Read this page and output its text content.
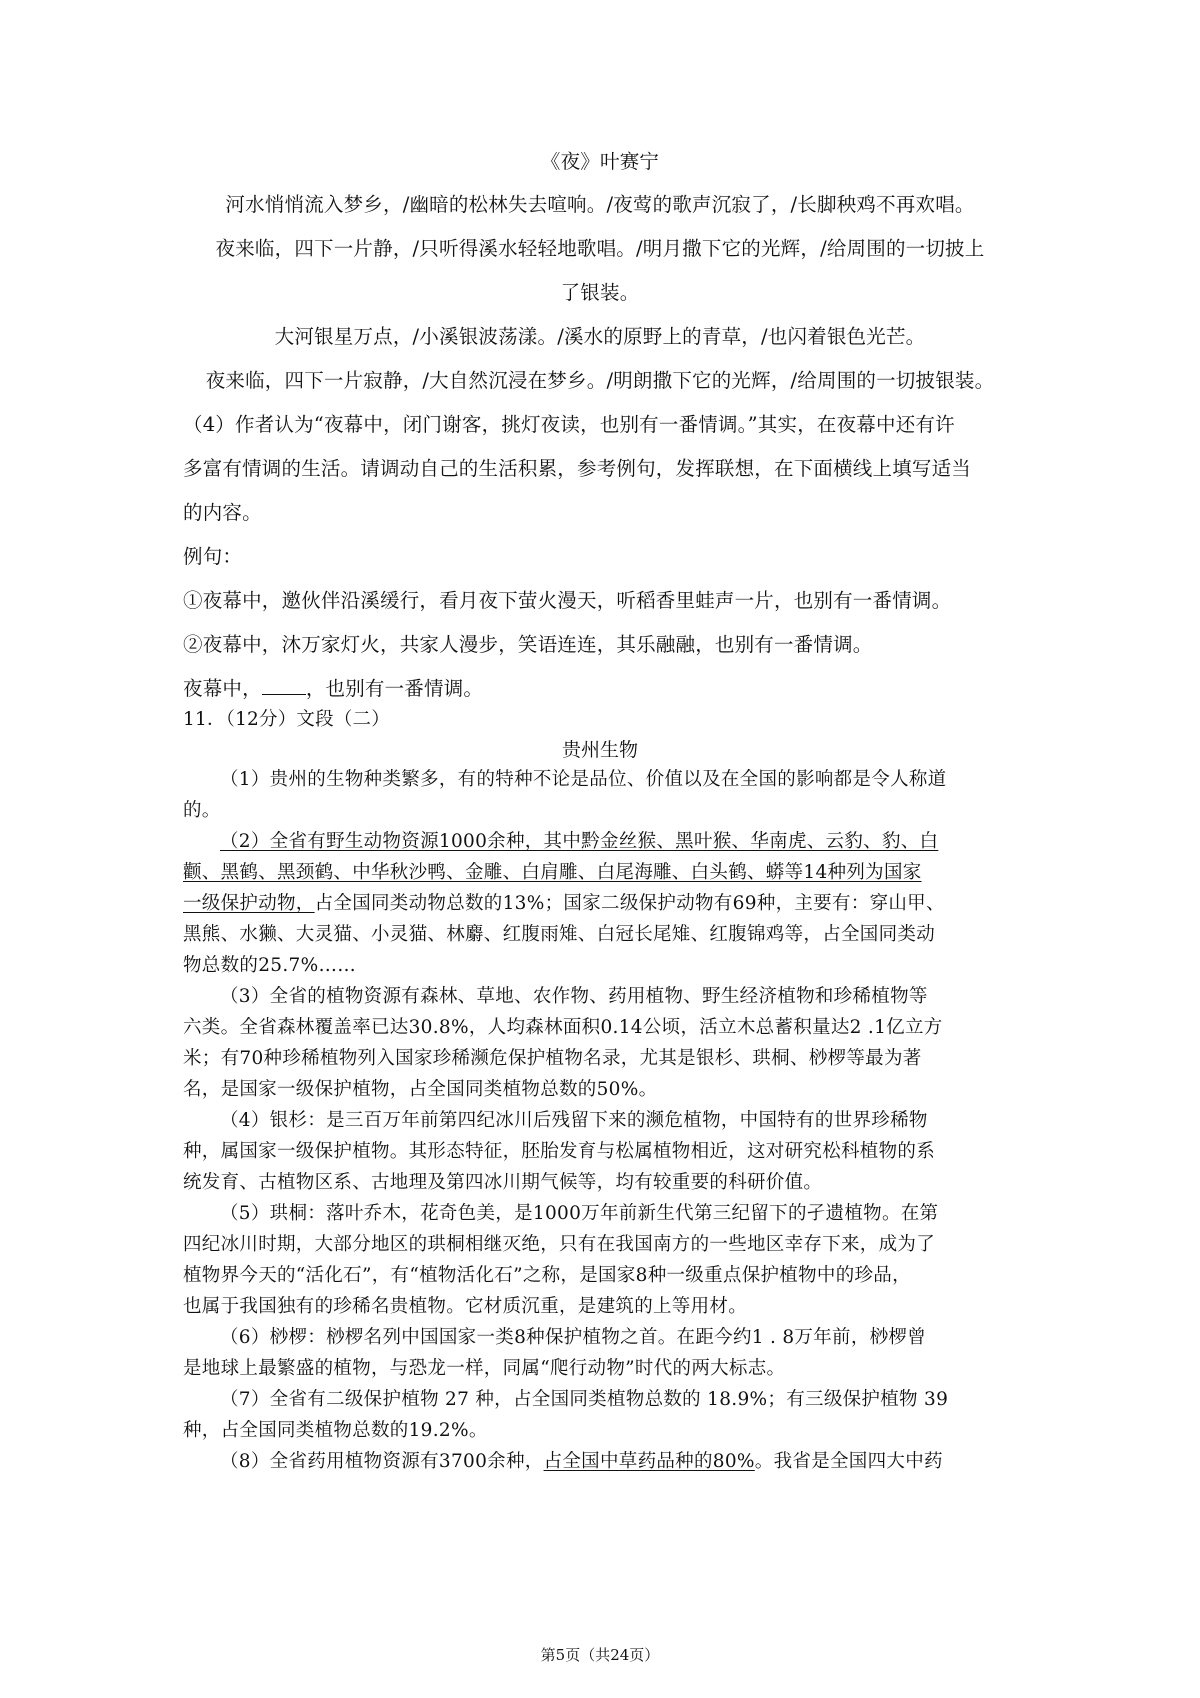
《夜》叶赛宁
河水悄悄流入梦乡，/幽暗的松林失去喧响。/夜莺的歌声沉寂了，/长脚秧鸡不再欢唱。
夜来临，四下一片静，/只听得溪水轻轻地歌唱。/明月撒下它的光辉，/给周围的一切披上
了银装。
大河银星万点，/小溪银波荡漾。/溪水的原野上的青草，/也闪着银色光芒。
夜来临，四下一片寂静，/大自然沉浸在梦乡。/明朗撒下它的光辉，/给周围的一切披银装。
（4）作者认为“夜幕中，闭门谢客，挑灯夜读，也别有一番情调。”其实，在夜幕中还有许
多富有情调的生活。请调动自己的生活积累，参考例句，发挥联想，在下面横线上填写适当
的内容。
例句：
①夜幕中，邀伙伴沿溪缓行，看月夜下萤火漫天，听稻香里蛙声一片，也别有一番情调。
②夜幕中，沐万家灯火，共家人漫步，笑语连连，其乐融融，也别有一番情调。
夜幕中， ，也别有一番情调。
11．（12分）文段（二）
贵州生物
（1）贵州的生物种类繁多，有的特种不论是品位、价值以及在全国的影响都是令人称道
的。
（2）全省有野生动物资源1000余种，其中黔金丝猴、黑叶猴、华南虎、云豹、豹、白
颧、黑鹤、黑颈鹤、中华秋沙鸭、金雕、白肩雕、白尾海雕、白头鹤、蟒等14种列为国家
一级保护动物，占全国同类动物总数的13%；国家二级保护动物有69种，主要有：穿山甲、
黑熊、水獭、大灵猫、小灵猫、林麝、红腹雨雉、白冠长尾雉、红腹锦鸡等，占全国同类动
物总数的25.7%……
（3）全省的植物资源有森林、草地、农作物、药用植物、野生经济植物和珍稀植物等
六类。全省森林覆盖率已达30.8%，人均森林面积0.14公顷，活立木总蓄积量达2 .1亿立方
米；有70种珍稀植物列入国家珍稀濒危保护植物名录，尤其是银杉、珙桐、桫椤等最为著
名，是国家一级保护植物，占全国同类植物总数的50%。
（4）银杉：是三百万年前第四纪冰川后残留下来的濒危植物，中国特有的世界珍稀物
种，属国家一级保护植物。其形态特征，胚胎发育与松属植物相近，这对研究松科植物的系
统发育、古植物区系、古地理及第四冰川期气候等，均有较重要的科研价值。
（5）珙桐：落叶乔木，花奇色美，是1000万年前新生代第三纪留下的孑遗植物。在第
四纪冰川时期，大部分地区的珙桐相继灭绝，只有在我国南方的一些地区幸存下来，成为了
植物界今天的“活化石”，有“植物活化石”之称，是国家8种一级重点保护植物中的珍品，
也属于我国独有的珍稀名贵植物。它材质沉重，是建筑的上等用材。
（6）桫椤：桫椤名列中国国家一类8种保护植物之首。在距今约1 . 8万年前，桫椤曾
是地球上最繁盛的植物，与恐龙一样，同属“爬行动物”时代的两大标志。
（7）全省有二级保护植物 27 种，占全国同类植物总数的 18.9%；有三级保护植物 39
种，占全国同类植物总数的19.2%。
（8）全省药用植物资源有3700余种，占全国中草药品种的80%。我省是全国四大中药
第5页（共24页）
